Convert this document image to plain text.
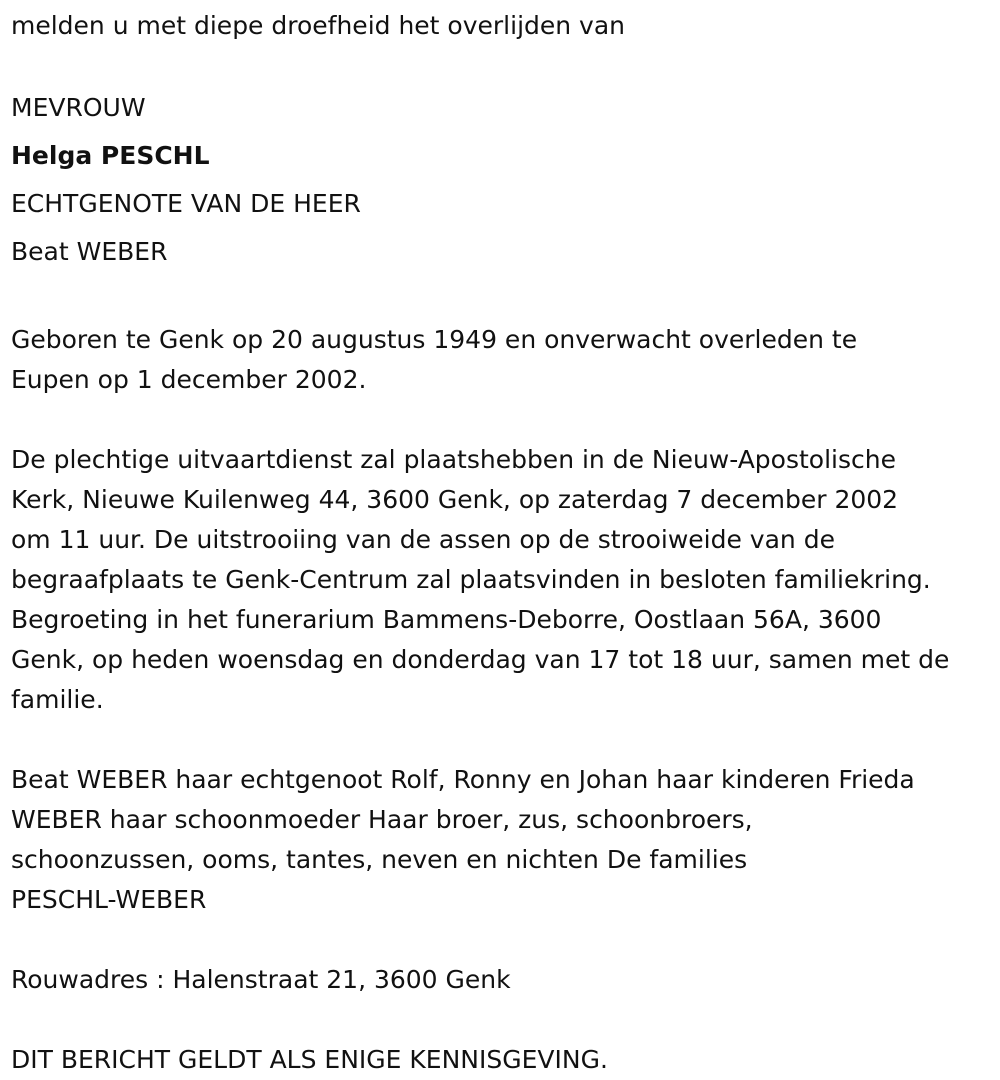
melden u met diepe droefheid het overlijden van

MEVROUW

Helga PESCHL

ECHTGENOTE VAN DE HEER

Beat WEBER

Geboren te Genk op 20 augustus 1949 en onverwacht overleden te

Eupen op 1 december 2002.

De plechtige uitvaartdienst zal plaatshebben in de Nieuw-Apostolische

Kerk, Nieuwe Kuilenweg 44, 3600 Genk, op zaterdag 7 december 2002

om 11 uur. De uitstrooiing van de assen op de strooiweide van de

begraafplaats te Genk-Centrum zal plaatsvinden in besloten familiekring.

Begroeting in het funerarium Bammens-Deborre, Oostlaan 56A, 3600

Genk, op heden woensdag en donderdag van 17 tot 18 uur, samen met de

familie.

Beat WEBER haar echtgenoot Rolf, Ronny en Johan haar kinderen Frieda

WEBER haar schoonmoeder Haar broer, zus, schoonbroers,

schoonzussen, ooms, tantes, neven en nichten De families

PESCHL-WEBER

Rouwadres : Halenstraat 21, 3600 Genk

DIT BERICHT GELDT ALS ENIGE KENNISGEVING.
